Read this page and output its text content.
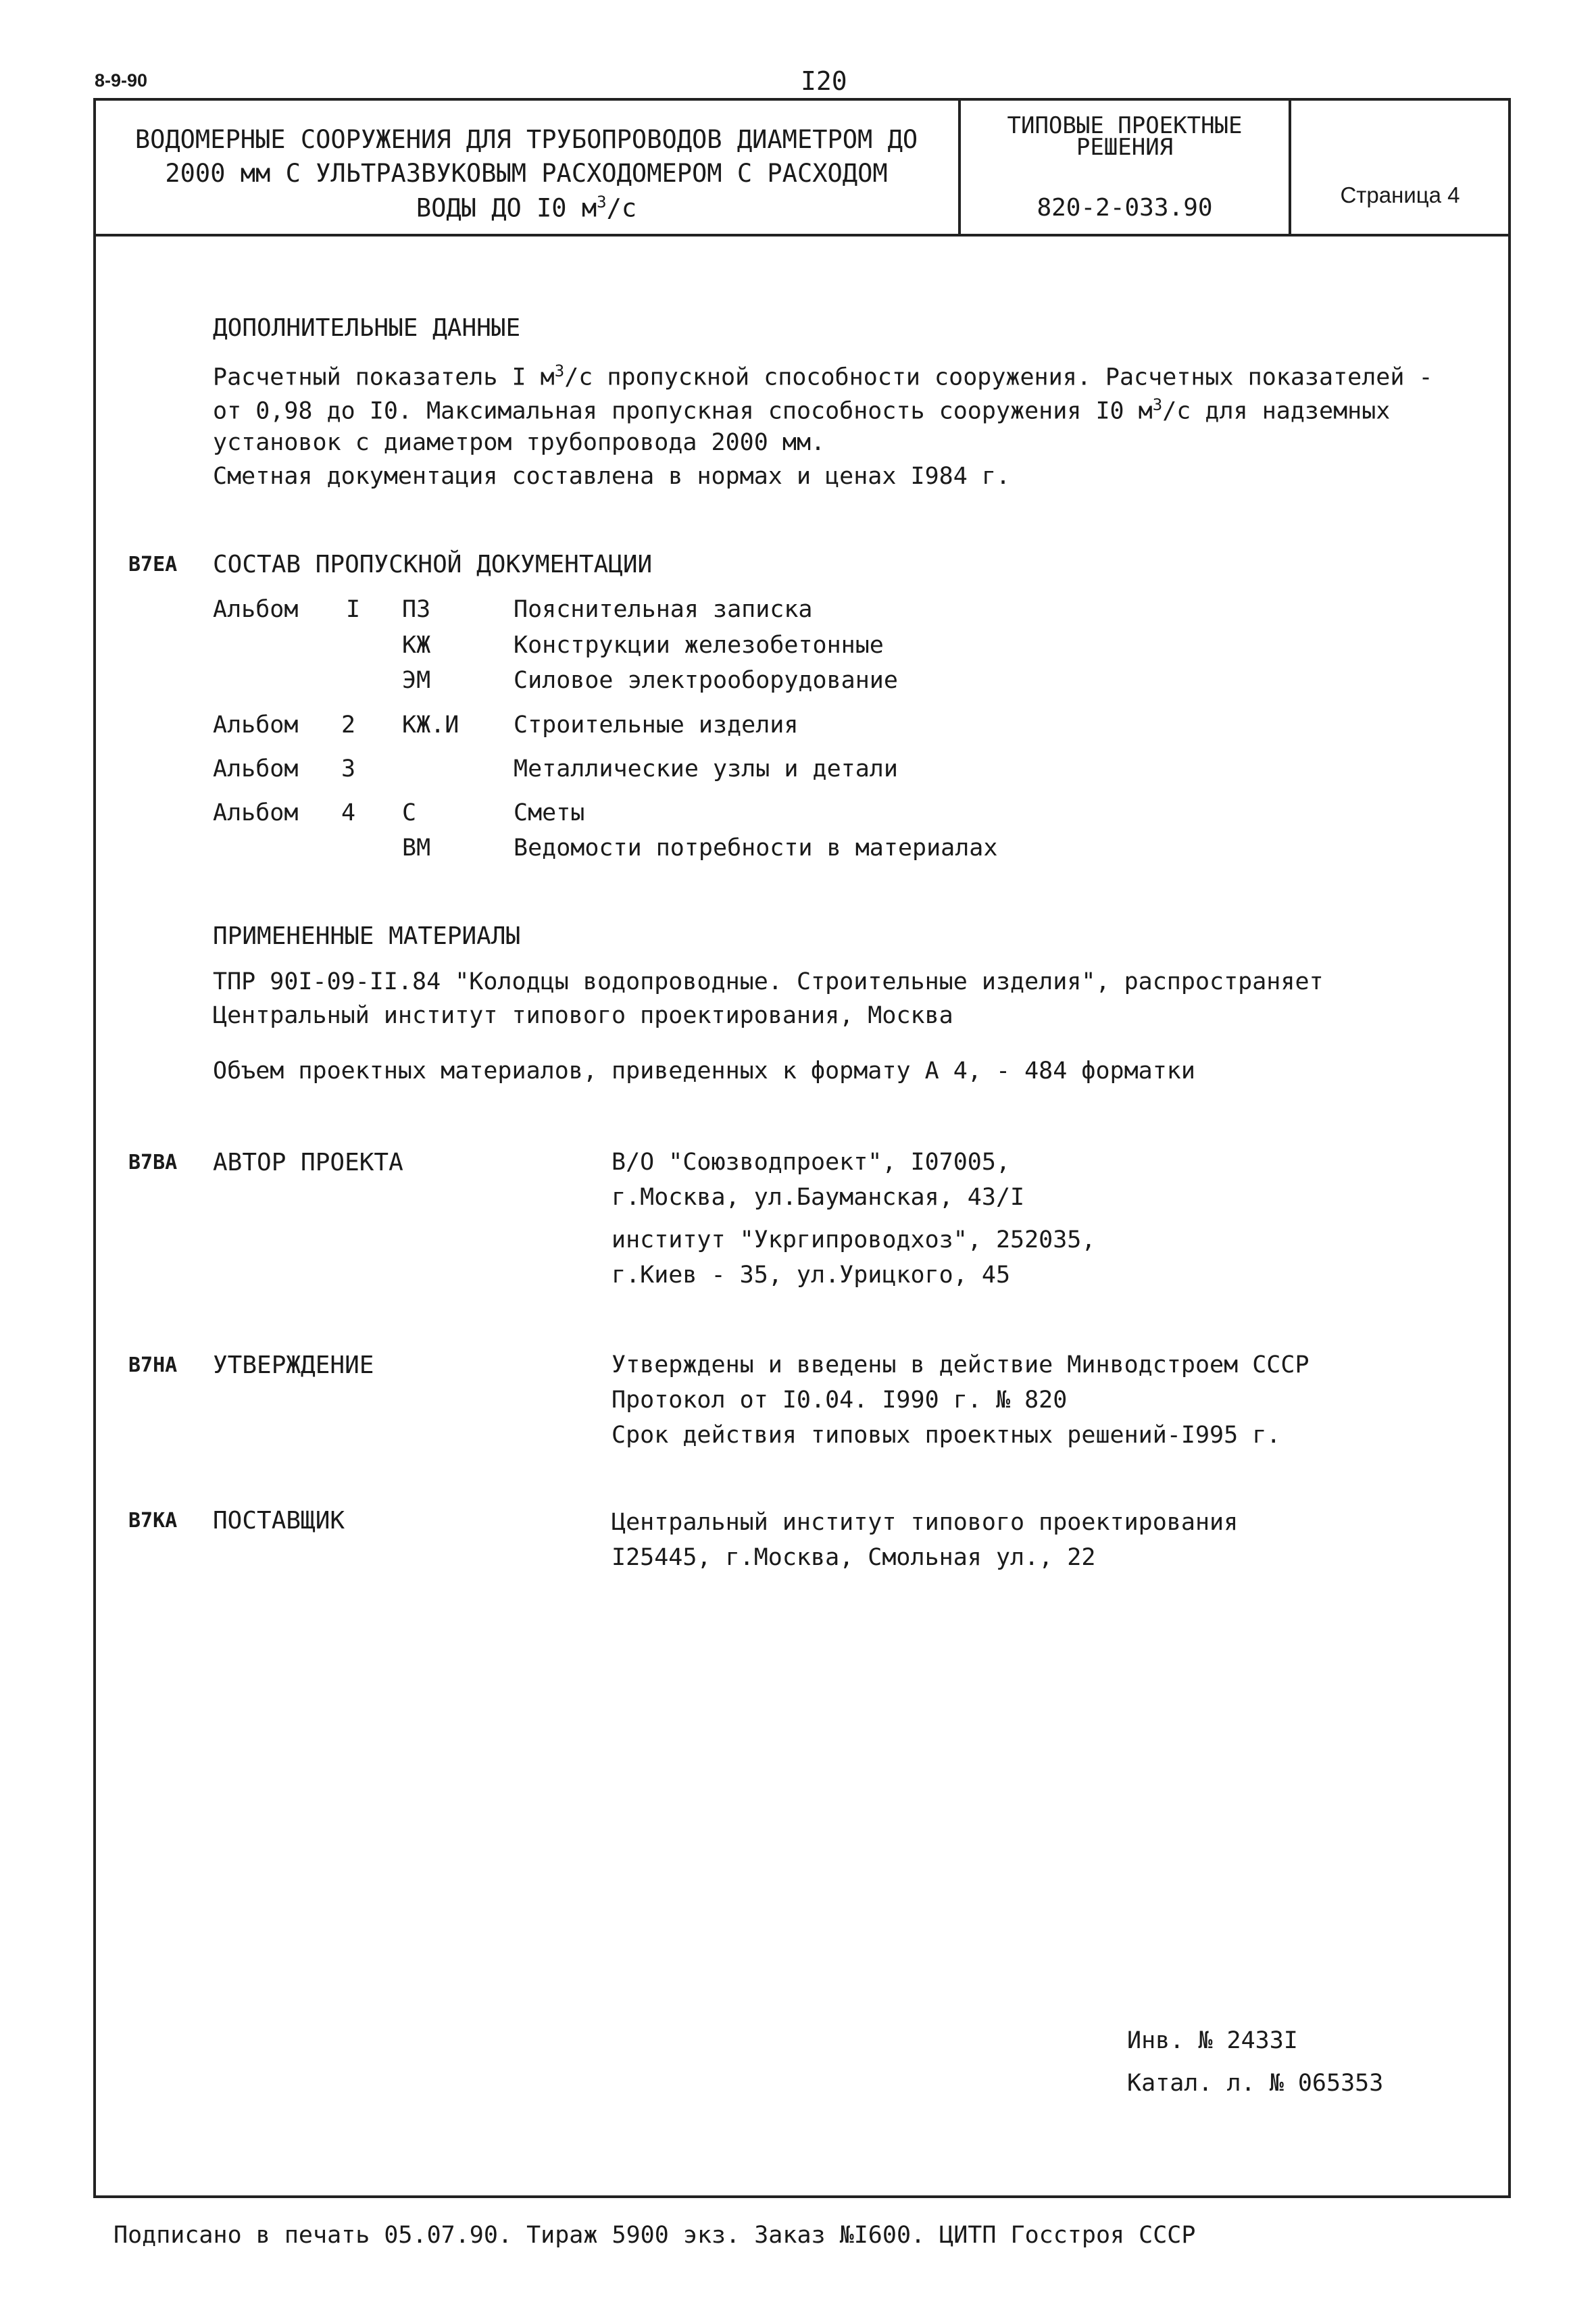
8-9-90	I20
ВОДОМЕРНЫЕ СООРУЖЕНИЯ ДЛЯ ТРУБОПРОВОДОВ ДИАМЕТРОМ ДО
2000 мм С УЛЬТРАЗВУКОВЫМ РАСХОДОМЕРОМ С РАСХОДОМ
ВОДЫ ДО I0 $м^3/с$
ТИПОВЫЕ ПРОЕКТНЫЕ
РЕШЕНИЯ
820-2-033.90	Страница 4
ДОПОЛНИТЕЛЬНЫЕ ДАННЫЕ
Расчетный показатель I $м^3/с$ пропускной способности сооружения. Расчетных показателей -
от 0,98 до I0. Максимальная пропускная способность сооружения I0 $м^3/с$ для надземных
установок с диаметром трубопровода 2000 мм.
Сметная документация составлена в нормах и ценах I984 г.
В7ЕА СОСТАВ ПРОПУСКНОЙ ДОКУМЕНТАЦИИ
Альбом I ПЗ	Пояснительная записка
КЖ	Конструкции железобетонные
ЭМ	Силовое электрооборудование
Альбом 2 КЖ.И Строительные изделия
Альбом 3	Металлические узлы и детали
Альбом 4 С	Сметы
ВМ	Ведомости потребности в материалах
ПРИМЕНЕННЫЕ МАТЕРИАЛЫ
ТПР 90I-09-II.84 "Колодцы водопроводные. Строительные изделия", распространяет
Центральный институт типового проектирования, Москва
Объем проектных материалов, приведенных к формату А 4, - 484 форматки
В7ВА АВТОР ПРОЕКТА	В/О "Союзводпроект", I07005,
г.Москва, ул.Бауманская, 43/I
институт "Укргипроводхоз", 252035,
г.Киев - 35, ул.Урицкого, 45
В7НА УТВЕРЖДЕНИЕ	Утверждены и введены в действие Минводстроем СССР
Протокол от I0.04. I990 г. № 820
Срок действия типовых проектных решений-I995 г.
В7КА ПОСТАВЩИК	Центральный институт типового проектирования
I25445, г.Москва, Смольная ул., 22
Инв. № 2433I
Катал. л. № 065353
Подписано в печать 05.07.90. Тираж 5900 экз. Заказ №I600. ЦИТП Госстроя СССР
